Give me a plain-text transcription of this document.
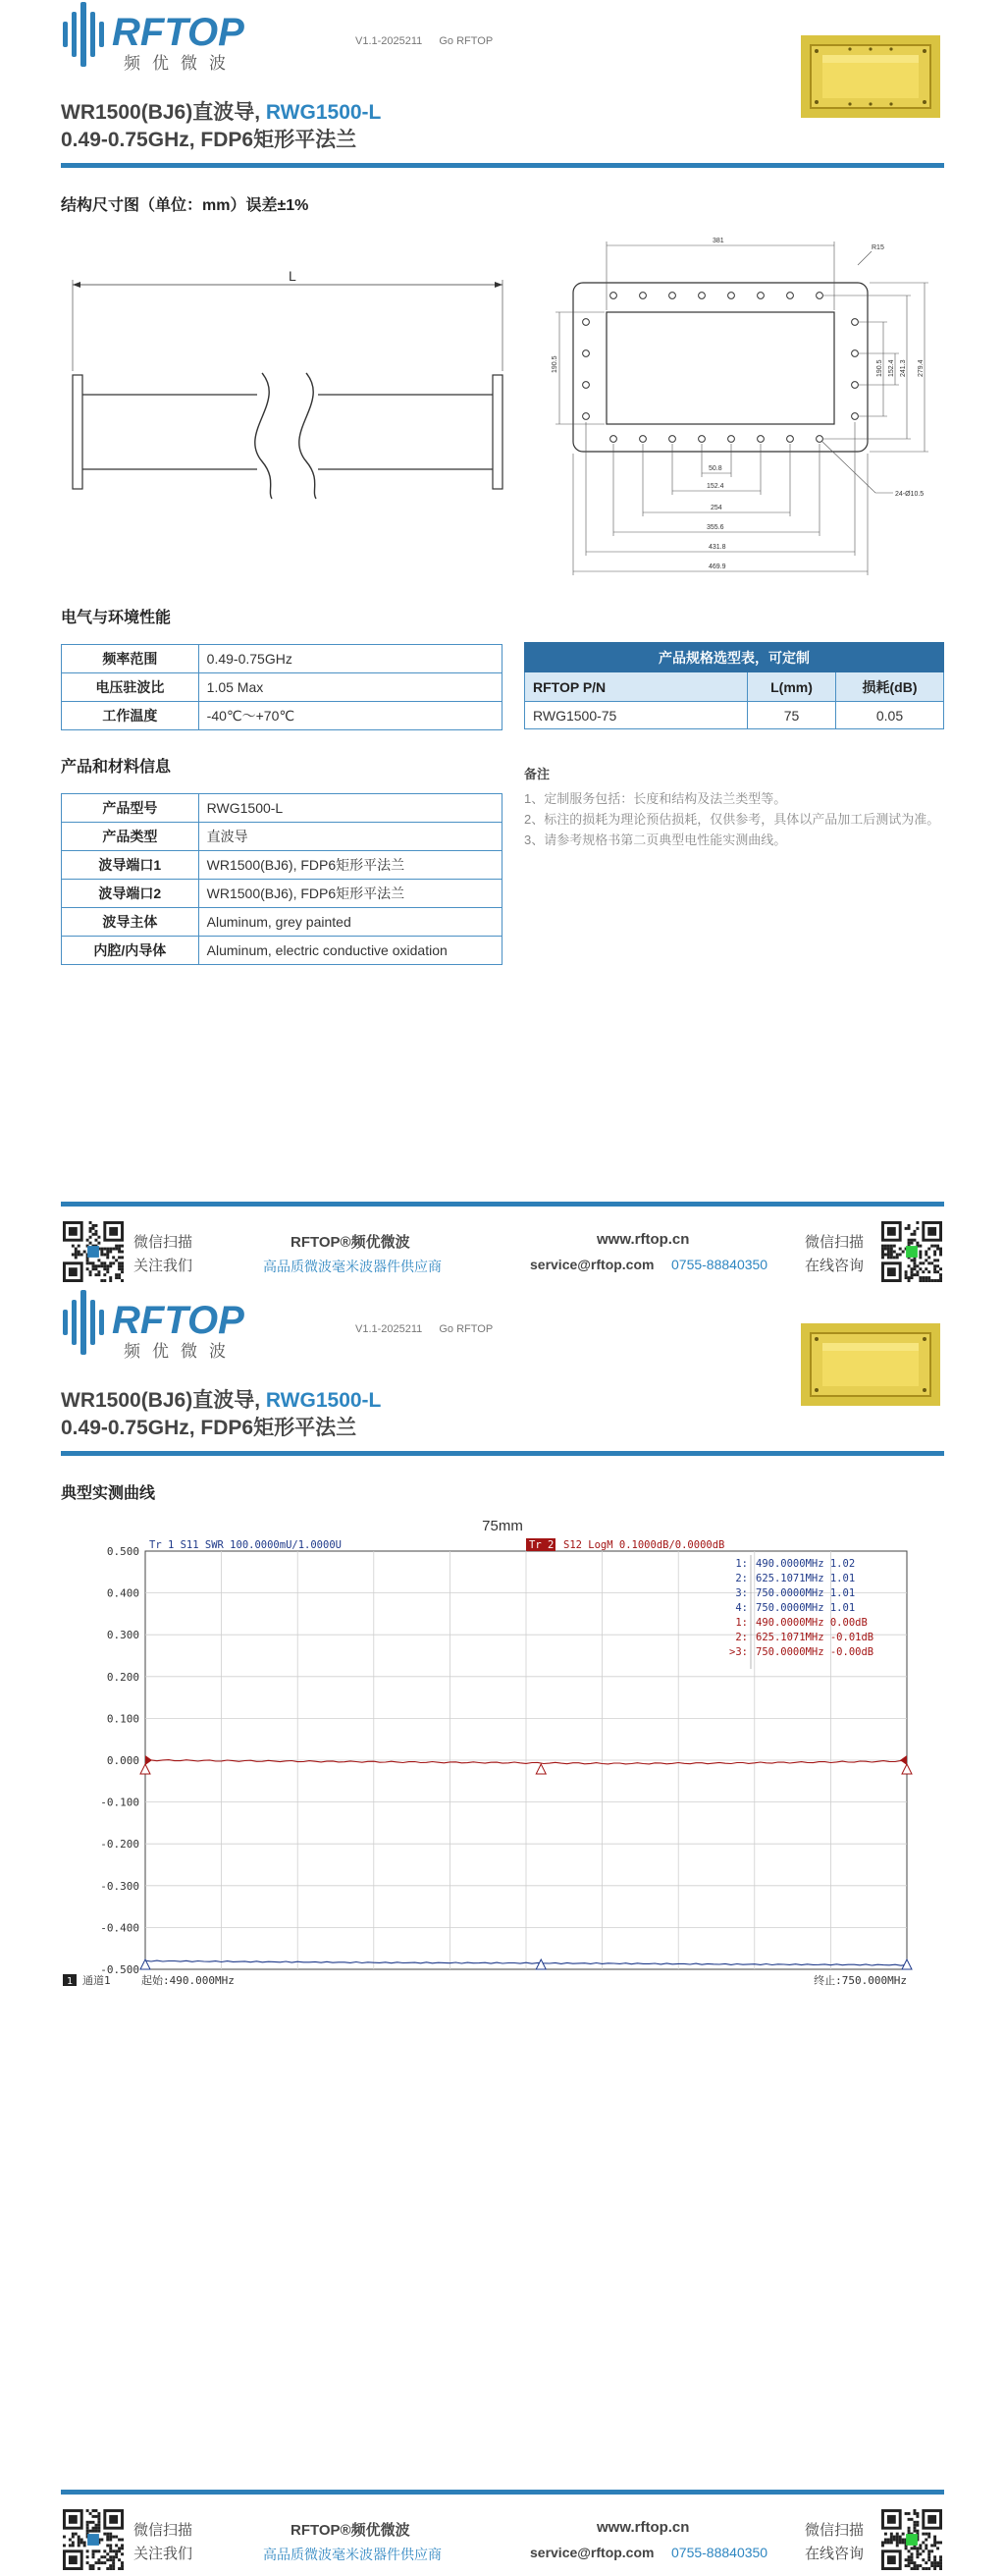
RFTOP
频优微波
V1.1-2025211 Go RFTOP
WR1500(BJ6)直波导, RWG1500-L
0.49-0.75GHz, FDP6矩形平法兰
结构尺寸图（单位：mm）误差±1%
L
381
R15
190.5
50.8
152.4
254
355.6
431.8
469.9
241.3
190.5	279.4
152.4
24-Ø10.5
电气与环境性能
频率范围	0.49-0.75GHz
电压驻波比	1.05 Max
工作温度	-40℃～+70℃
产品和材料信息
产品型号	RWG1500-L
产品类型	直波导
波导端口1	WR1500(BJ6), FDP6矩形平法兰
波导端口2	WR1500(BJ6), FDP6矩形平法兰
波导主体	Aluminum, grey painted
内腔/内导体	Aluminum, electric conductive oxidation
产品规格选型表，可定制		
RFTOP P/N	L(mm)	损耗(dB)
RWG1500-75	75	0.05
备注
1、定制服务包括：长度和结构及法兰类型等。
2、标注的损耗为理论预估损耗，仅供参考，具体以产品加工后测试为准。
3、请参考规格书第二页典型电性能实测曲线。
微信扫描
关注我们
RFTOP®频优微波
高品质微波毫米波器件供应商
www.rftop.cn
service@rftop.com 0755-88840350
微信扫描
在线咨询
RFTOP
频优微波
V1.1-2025211 Go RFTOP
WR1500(BJ6)直波导, RWG1500-L
0.49-0.75GHz, FDP6矩形平法兰
典型实测曲线
微信扫描
关注我们
RFTOP®频优微波
高品质微波毫米波器件供应商
www.rftop.cn
service@rftop.com 0755-88840350
微信扫描
在线咨询
75mm
0.500
0.400
0.300
0.200
0.100
0.000
-0.100
-0.200
-0.300
-0.400
-0.500
Tr 1 S11 SWR 100.0000mU/1.0000U	Tr 2 S12 LogM 0.1000dB/0.0000dB
1: 490.0000MHz 1.02
2: 625.1071MHz 1.01
3: 750.0000MHz 1.01
4: 750.0000MHz 1.01
1: 490.0000MHz 0.00dB
2: 625.1071MHz -0.01dB
>3: 750.0000MHz -0.00dB
1 通道1	起始:490.000MHz	终止:750.000MHz
